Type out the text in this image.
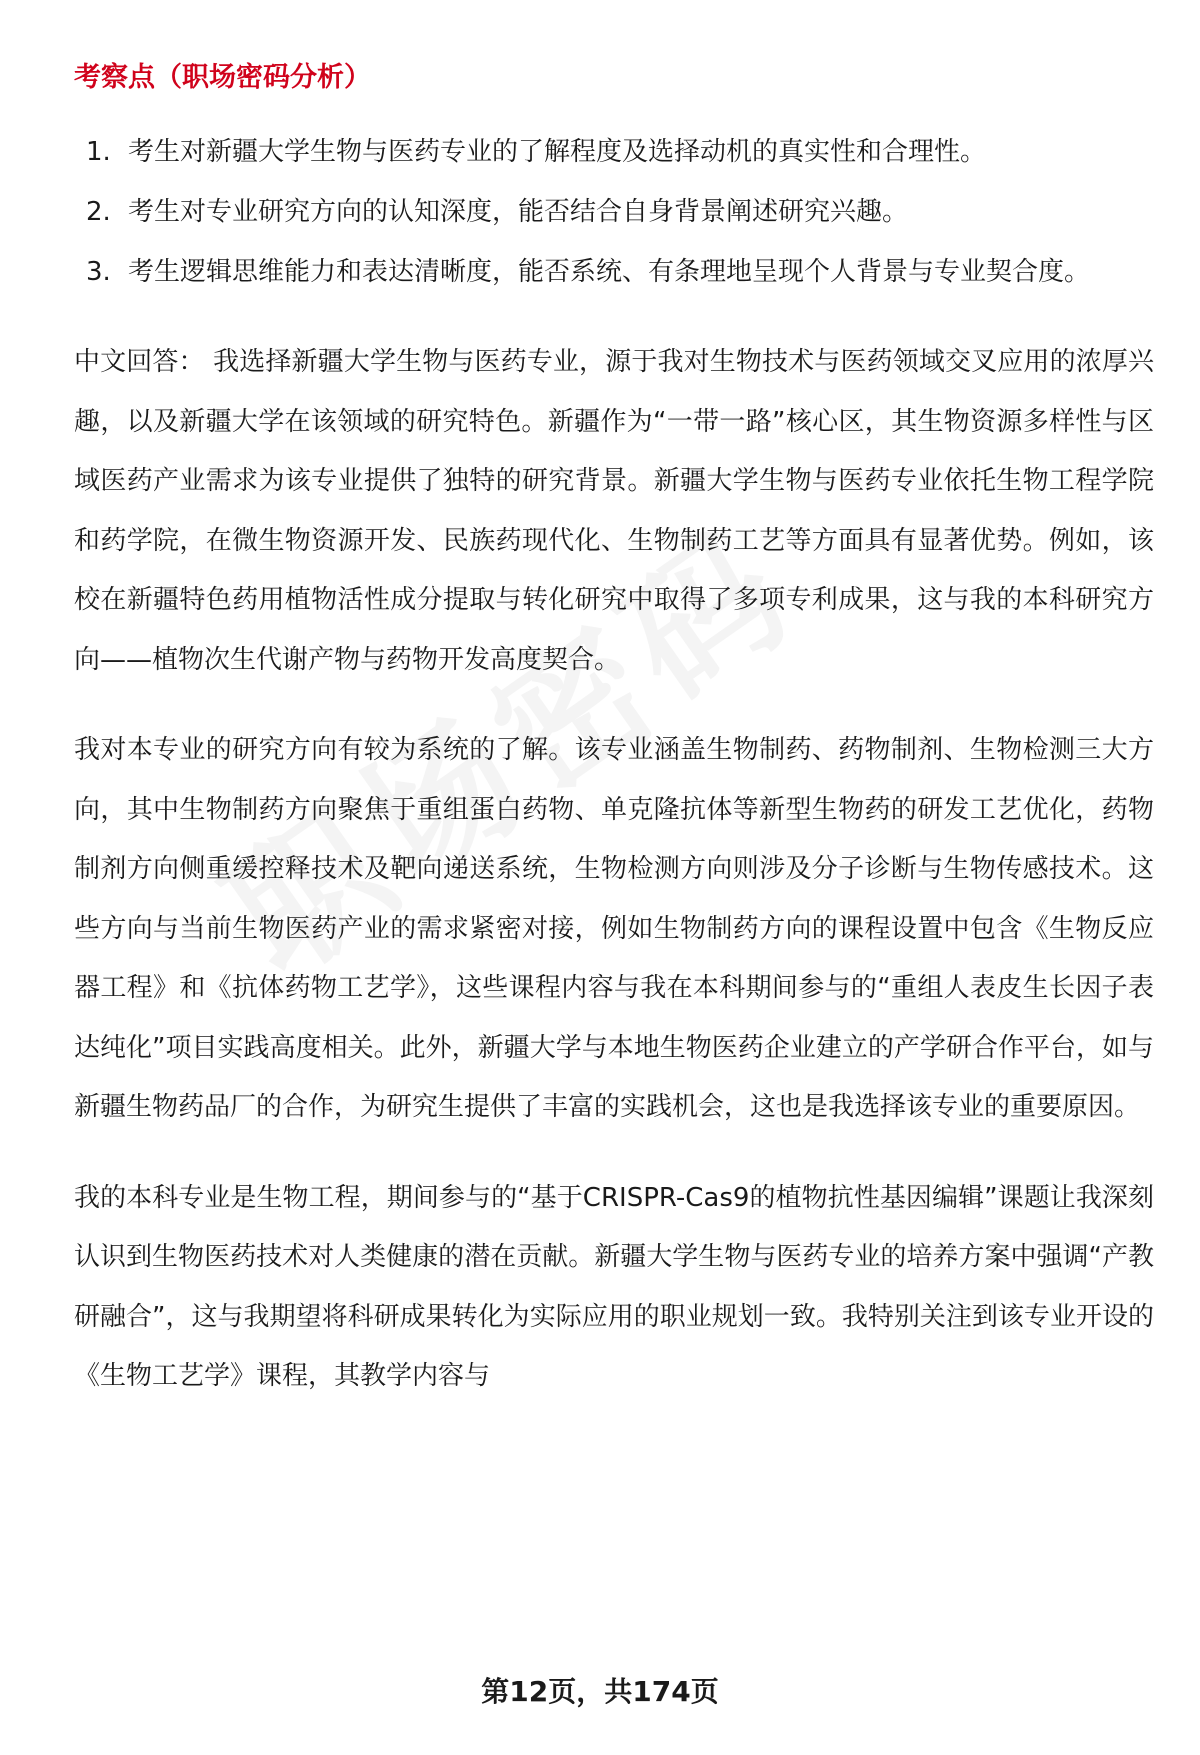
考察点（职场密码分析）
1. 考生对新疆大学生物与医药专业的了解程度及选择动机的真实性和合理性。
2. 考生对专业研究方向的认知深度，能否结合自身背景阐述研究兴趣。
3. 考生逻辑思维能力和表达清晰度，能否系统、有条理地呈现个人背景与专业契合度。

中文回答： 我选择新疆大学生物与医药专业，源于我对生物技术与医药领域交叉应用的浓厚兴趣，以及新疆大学在该领域的研究特色。新疆作为“一带一路”核心区，其生物资源多样性与区域医药产业需求为该专业提供了独特的研究背景。新疆大学生物与医药专业依托生物工程学院和药学院，在微生物资源开发、民族药现代化、生物制药工艺等方面具有显著优势。例如，该校在新疆特色药用植物活性成分提取与转化研究中取得了多项专利成果，这与我的本科研究方向——植物次生代谢产物与药物开发高度契合。

我对本专业的研究方向有较为系统的了解。该专业涵盖生物制药、药物制剂、生物检测三大方向，其中生物制药方向聚焦于重组蛋白药物、单克隆抗体等新型生物药的研发工艺优化，药物制剂方向侧重缓控释技术及靶向递送系统，生物检测方向则涉及分子诊断与生物传感技术。这些方向与当前生物医药产业的需求紧密对接，例如生物制药方向的课程设置中包含《生物反应器工程》和《抗体药物工艺学》，这些课程内容与我在本科期间参与的“重组人表皮生长因子表达纯化”项目实践高度相关。此外，新疆大学与本地生物医药企业建立的产学研合作平台，如与新疆生物药品厂的合作，为研究生提供了丰富的实践机会，这也是我选择该专业的重要原因。

我的本科专业是生物工程，期间参与的“基于CRISPR-Cas9的植物抗性基因编辑”课题让我深刻认识到生物医药技术对人类健康的潜在贡献。新疆大学生物与医药专业的培养方案中强调“产教研融合”，这与我期望将科研成果转化为实际应用的职业规划一致。我特别关注到该专业开设的《生物工艺学》课程，其教学内容与

第12页，共174页
